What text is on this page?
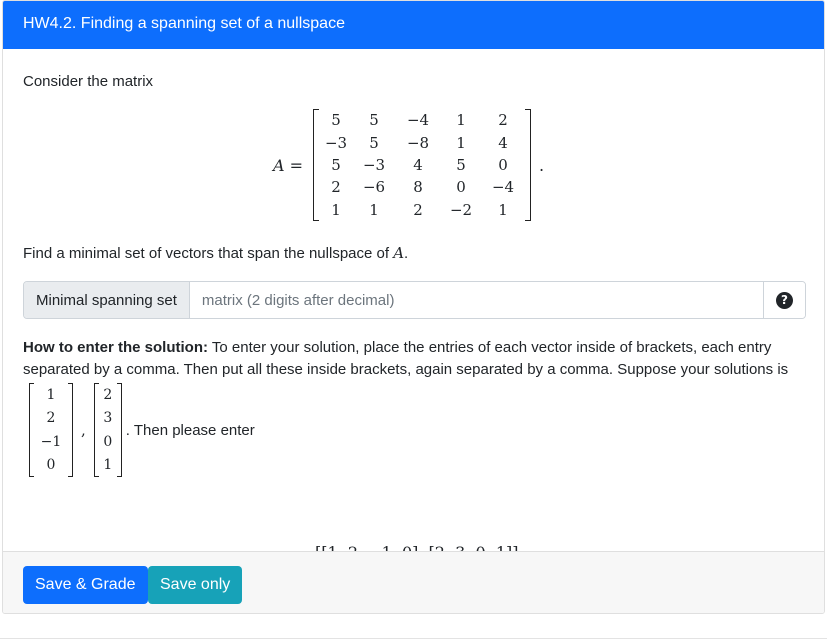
HW4.2. Finding a spanning set of a nullspace
Consider the matrix
A =
5	5	−4	1	2
−3	5	−8	1	4
5	−3	4	5	0
2	−6	8	0	−4
1	1	2	−2	1
.
Find a minimal set of vectors that span the nullspace of A.
Minimal spanning set
matrix (2 digits after decimal)	?
How to enter the solution: To enter your solution, place the entries of each vector inside of brackets, each entry separated by a comma. Then put all these inside brackets, again separated by a comma. Suppose your solutions is
1
2
−1
0
,
2
3
0
1
. Then please enter
Save & Grade	Save only
